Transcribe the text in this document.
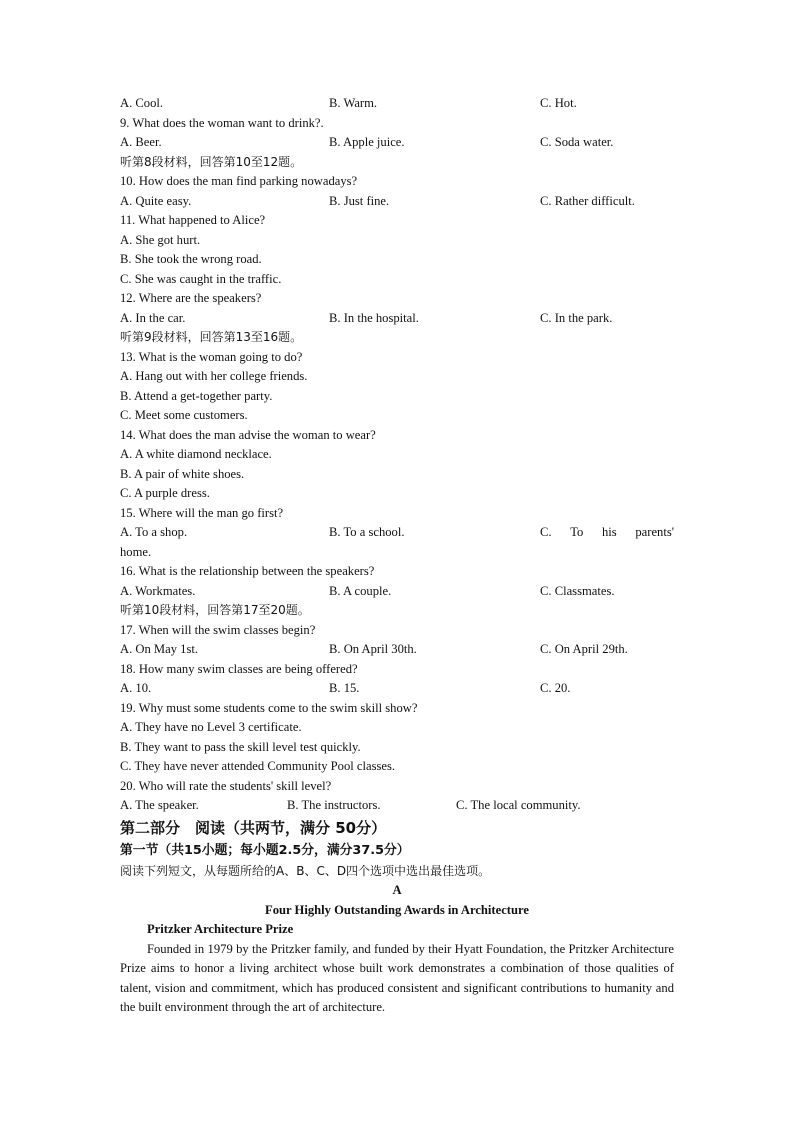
A. Cool.	B. Warm.	C. Hot.
9. What does the woman want to drink?.
A. Beer.	B. Apple juice.	C. Soda water.
听第8段材料，回答第10至12题。
10. How does the man find parking nowadays?
A. Quite easy.	B. Just fine.	C. Rather difficult.
11. What happened to Alice?
A. She got hurt.
B. She took the wrong road.
C. She was caught in the traffic.
12. Where are the speakers?
A. In the car.	B. In the hospital.	C. In the park.
听第9段材料，回答第13至16题。
13. What is the woman going to do?
A. Hang out with her college friends.
B. Attend a get-together party.
C. Meet some customers.
14. What does the man advise the woman to wear?
A. A white diamond necklace.
B. A pair of white shoes.
C. A purple dress.
15. Where will the man go first?
A. To a shop.	B. To a school.	C. To his parents'
home.
16. What is the relationship between the speakers?
A. Workmates.	B. A couple.	C. Classmates.
听第10段材料，回答第17至20题。
17. When will the swim classes begin?
A. On May 1st.	B. On April 30th.	C. On April 29th.
18. How many swim classes are being offered?
A. 10.	B. 15.	C. 20.
19. Why must some students come to the swim skill show?
A. They have no Level 3 certificate.
B. They want to pass the skill level test quickly.
C. They have never attended Community Pool classes.
20. Who will rate the students' skill level?
A. The speaker.	B. The instructors.	C. The local community.
第二部分　阅读（共两节，满分 50分）
第一节（共15小题；每小题2.5分，满分37.5分）
阅读下列短文，从每题所给的A、B、C、D四个选项中选出最佳选项。
A
Four Highly Outstanding Awards in Architecture
Pritzker Architecture Prize
Founded in 1979 by the Pritzker family, and funded by their Hyatt Foundation, the Pritzker Architecture Prize aims to honor a living architect whose built work demonstrates a combination of those qualities of talent, vision and commitment, which has produced consistent and significant contributions to humanity and the built environment through the art of architecture.
